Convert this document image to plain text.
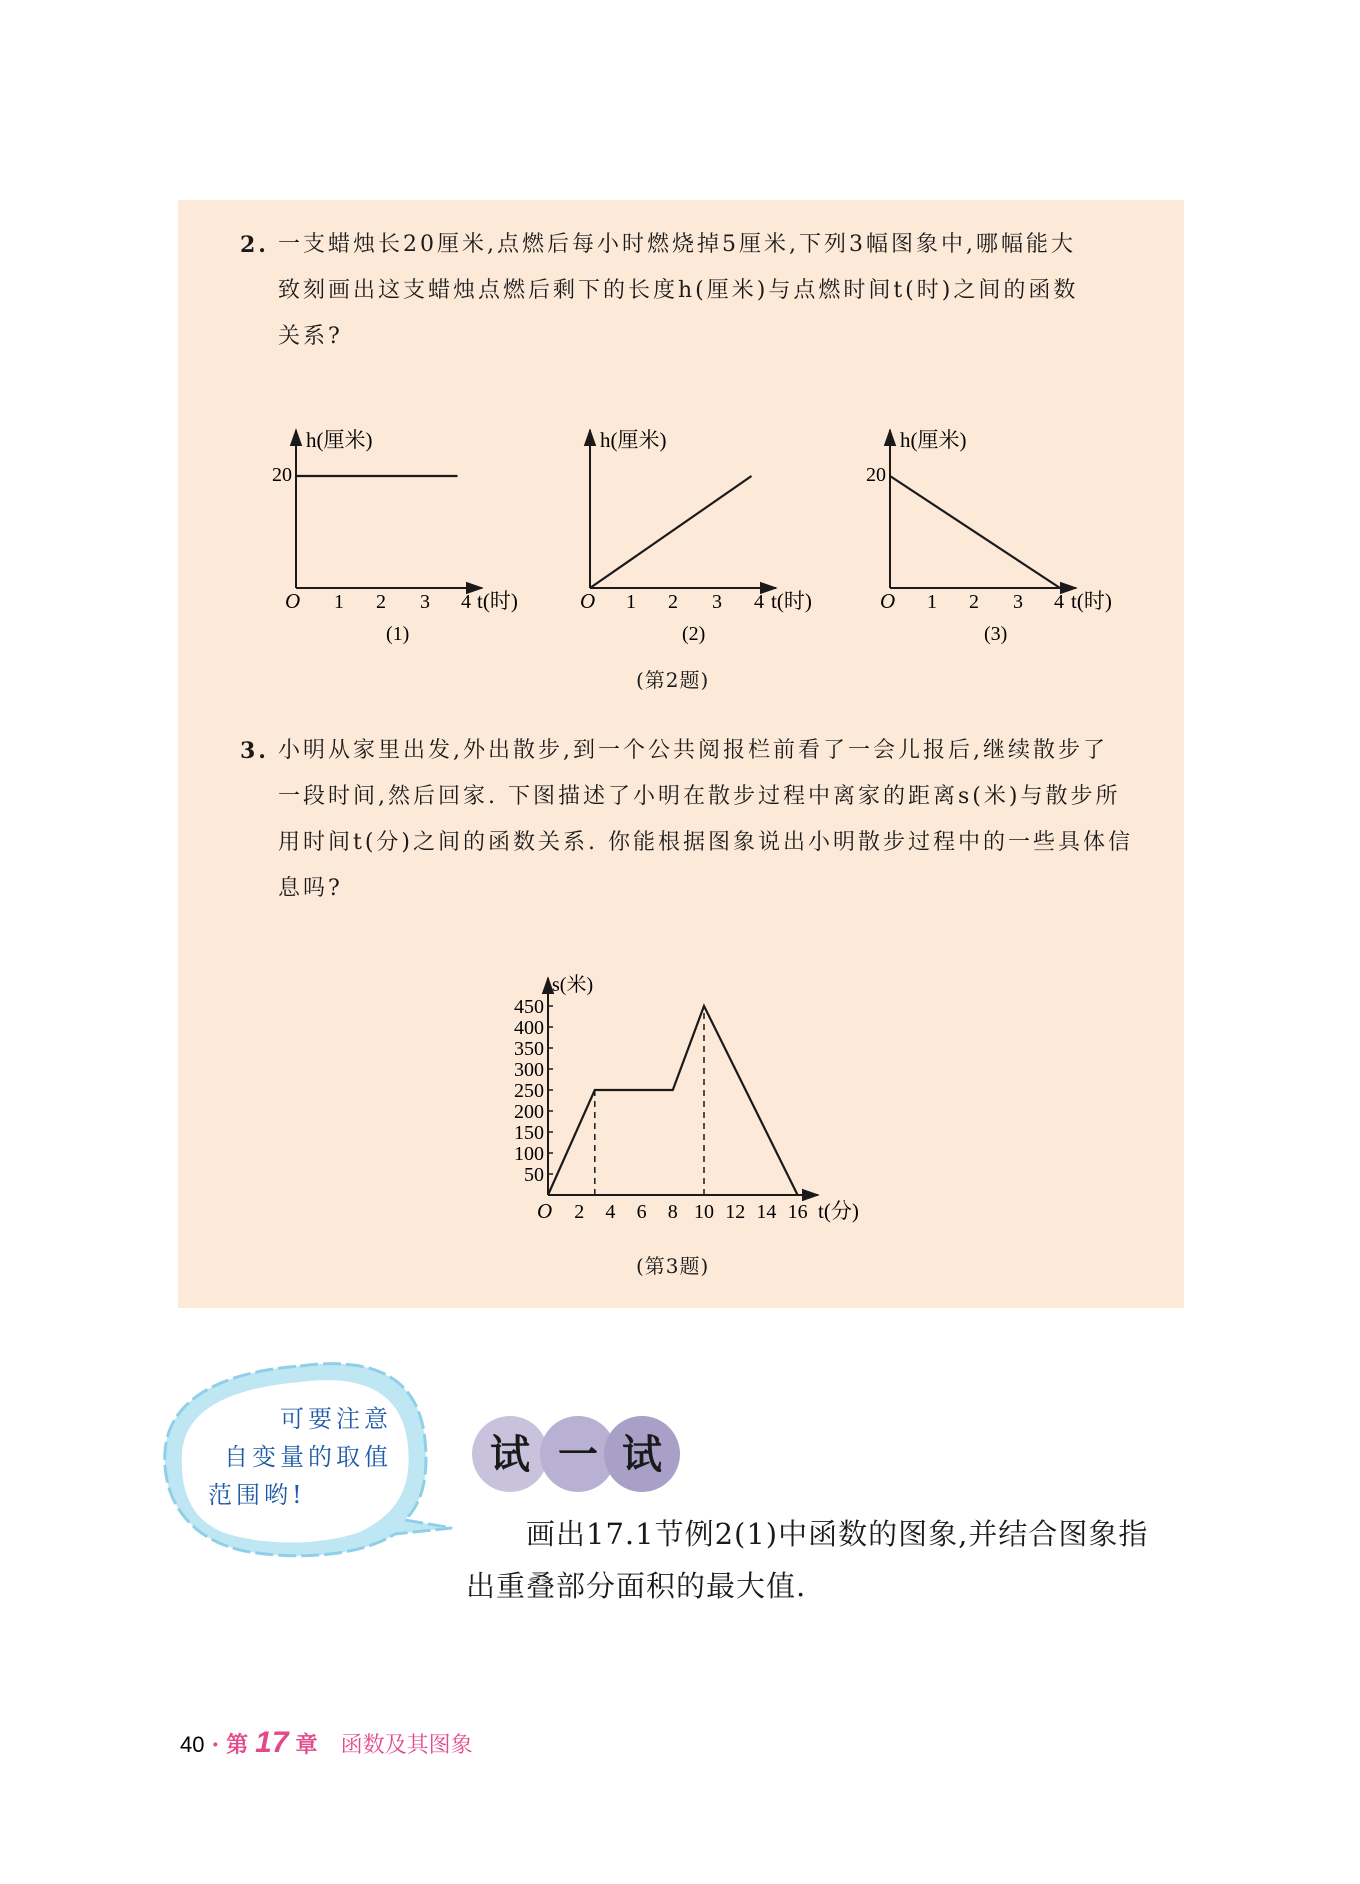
2. 一支蜡烛长20厘米,点燃后每小时燃烧掉5厘米,下列3幅图象中,哪幅能大
致刻画出这支蜡烛点燃后剩下的长度h(厘米)与点燃时间t(时)之间的函数
关系?
h(厘米)
20
O 1 2 3 4 t(时)
(1)
h(厘米)
O 1 2 3 4 t(时)
(2)
h(厘米)
20
O 1 2 3 4 t(时)
(3)
s(米)
O	t(分)
2 4 6 8 10 12 14 16
50
100
150
200
250
300
350
400
450
试 一 试
(第2题)
3. 小明从家里出发,外出散步,到一个公共阅报栏前看了一会儿报后,继续散步了
一段时间,然后回家. 下图描述了小明在散步过程中离家的距离s(米)与散步所
用时间t(分)之间的函数关系. 你能根据图象说出小明散步过程中的一些具体信
息吗?
(第3题)
可要注意
自变量的取值
范围哟!
画出17.1节例2(1)中函数的图象,并结合图象指
出重叠部分面积的最大值.
40 · 第 17 章 函数及其图象
